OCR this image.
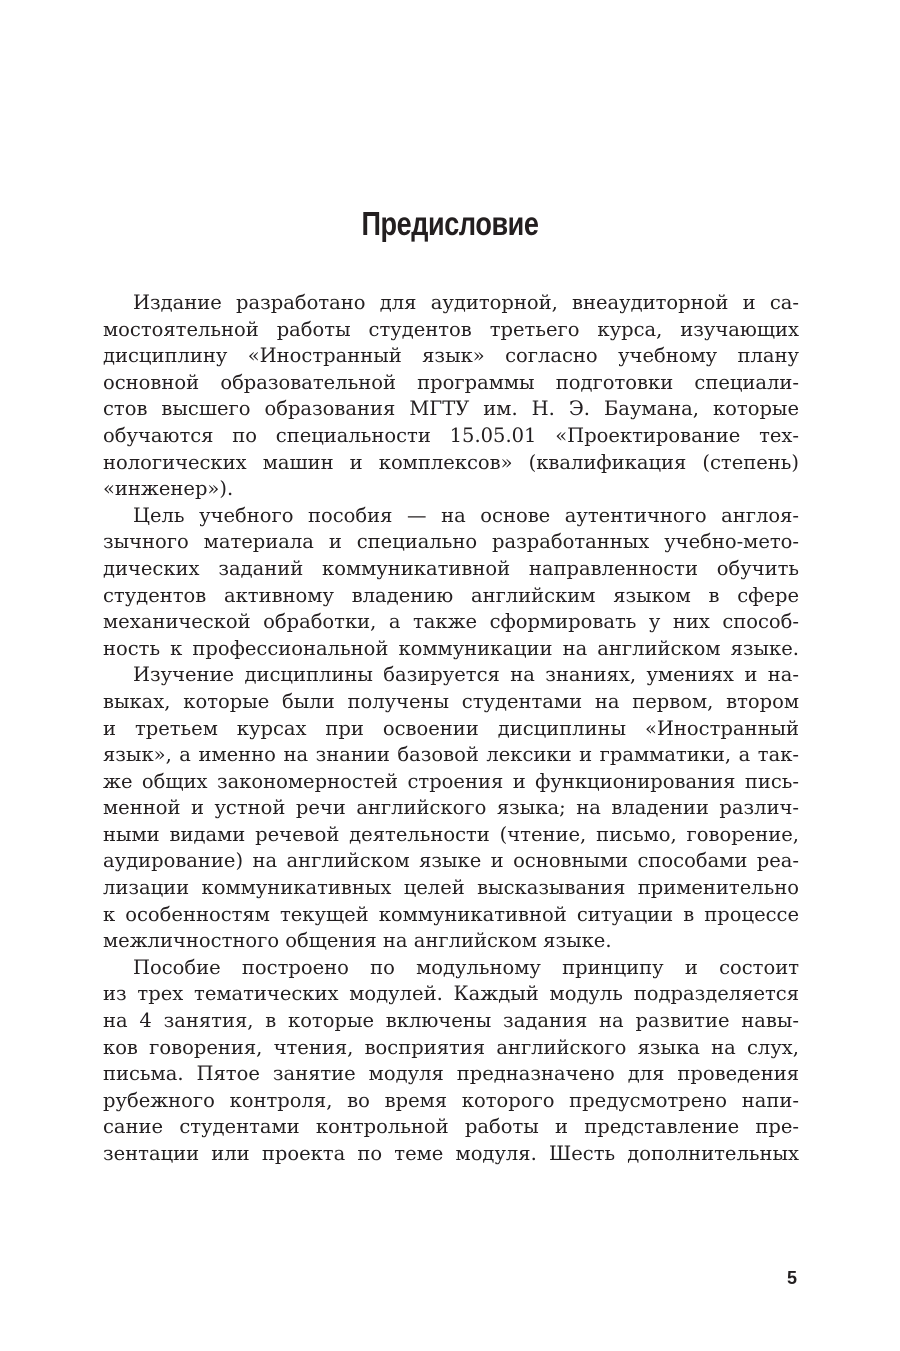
Предисловие
Издание разработано для аудиторной, внеаудиторной и са-
мостоятельной работы студентов третьего курса, изучающих
дисциплину «Иностранный язык» согласно учебному плану
основной образовательной программы подготовки специали-
стов высшего образования МГТУ им. Н. Э. Баумана, которые
обучаются по специальности 15.05.01 «Проектирование тех-
нологических машин и комплексов» (квалификация (степень)
«инженер»).
Цель учебного пособия — на основе аутентичного англоя-
зычного материала и специально разработанных учебно-мето-
дических заданий коммуникативной направленности обучить
студентов активному владению английским языком в сфере
механической обработки, а также сформировать у них способ-
ность к профессиональной коммуникации на английском языке.
Изучение дисциплины базируется на знаниях, умениях и на-
выках, которые были получены студентами на первом, втором
и третьем курсах при освоении дисциплины «Иностранный
язык», а именно на знании базовой лексики и грамматики, а так-
же общих закономерностей строения и функционирования пись-
менной и устной речи английского языка; на владении различ-
ными видами речевой деятельности (чтение, письмо, говорение,
аудирование) на английском языке и основными способами реа-
лизации коммуникативных целей высказывания применительно
к особенностям текущей коммуникативной ситуации в процессе
межличностного общения на английском языке.
Пособие построено по модульному принципу и состоит
из трех тематических модулей. Каждый модуль подразделяется
на 4 занятия, в которые включены задания на развитие навы-
ков говорения, чтения, восприятия английского языка на слух,
письма. Пятое занятие модуля предназначено для проведения
рубежного контроля, во время которого предусмотрено напи-
сание студентами контрольной работы и представление пре-
зентации или проекта по теме модуля. Шесть дополнительных
5
